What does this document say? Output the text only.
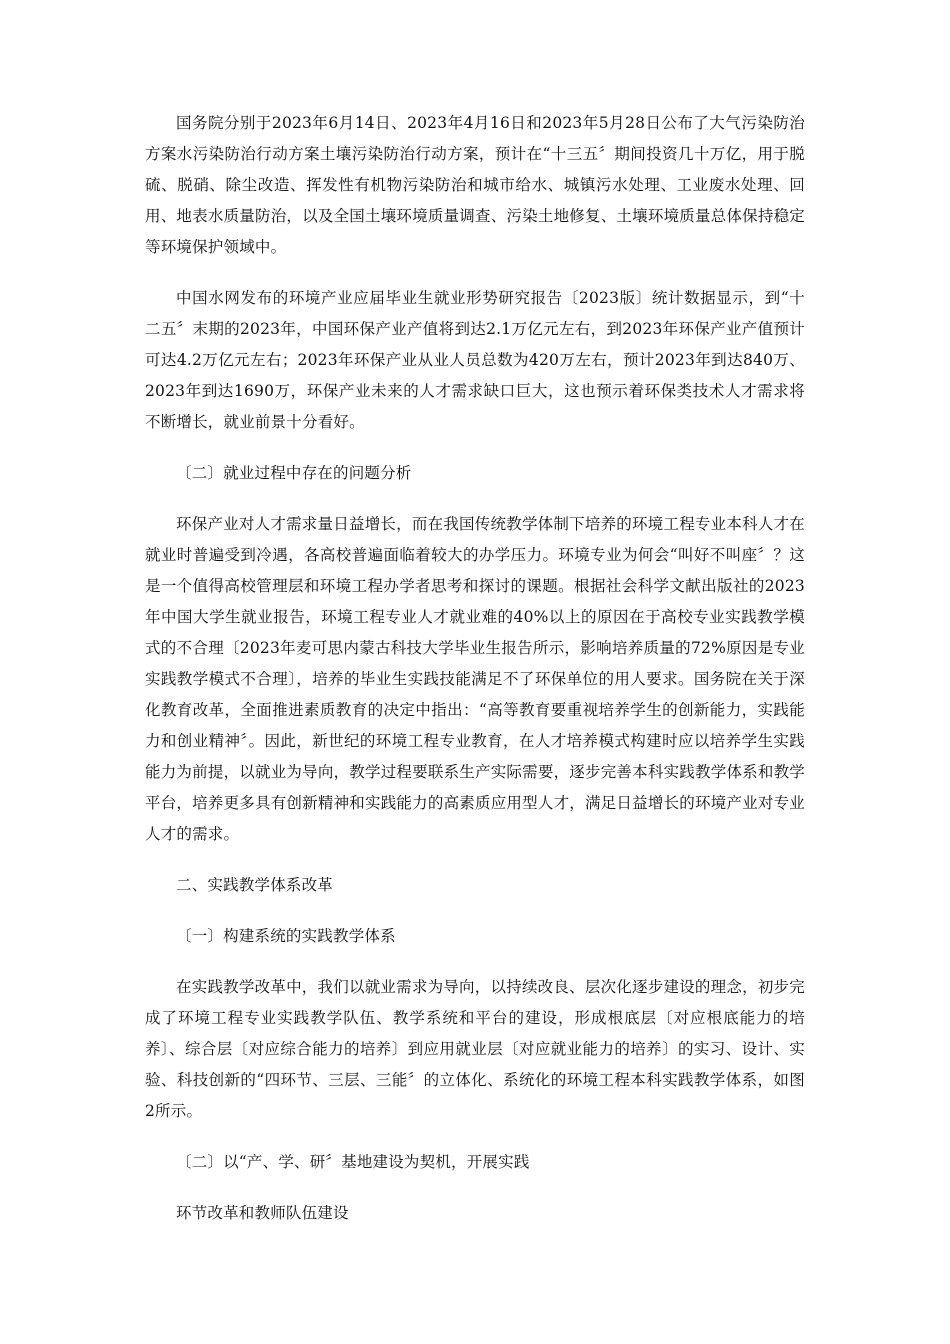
国务院分别于2023年6月14日、2023年4月16日和2023年5月28日公布了大气污染防治方案水污染防治行动方案土壤污染防治行动方案，预计在“十三五〞期间投资几十万亿，用于脱硫、脱硝、除尘改造、挥发性有机物污染防治和城市给水、城镇污水处理、工业废水处理、回用、地表水质量防治，以及全国土壤环境质量调查、污染土地修复、土壤环境质量总体保持稳定等环境保护领域中。

中国水网发布的环境产业应届毕业生就业形势研究报告〔2023版〕统计数据显示，到“十二五〞末期的2023年，中国环保产业产值将到达2.1万亿元左右，到2023年环保产业产值预计可达4.2万亿元左右；2023年环保产业从业人员总数为420万左右，预计2023年到达840万、2023年到达1690万，环保产业未来的人才需求缺口巨大，这也预示着环保类技术人才需求将不断增长，就业前景十分看好。

〔二〕就业过程中存在的问题分析

环保产业对人才需求量日益增长，而在我国传统教学体制下培养的环境工程专业本科人才在就业时普遍受到冷遇，各高校普遍面临着较大的办学压力。环境专业为何会“叫好不叫座〞？这是一个值得高校管理层和环境工程办学者思考和探讨的课题。根据社会科学文献出版社的2023年中国大学生就业报告，环境工程专业人才就业难的40%以上的原因在于高校专业实践教学模式的不合理〔2023年麦可思内蒙古科技大学毕业生报告所示，影响培养质量的72%原因是专业实践教学模式不合理〕，培养的毕业生实践技能满足不了环保单位的用人要求。国务院在关于深化教育改革，全面推进素质教育的决定中指出：“高等教育要重视培养学生的创新能力，实践能力和创业精神〞。因此，新世纪的环境工程专业教育，在人才培养模式构建时应以培养学生实践能力为前提，以就业为导向，教学过程要联系生产实际需要，逐步完善本科实践教学体系和教学平台，培养更多具有创新精神和实践能力的高素质应用型人才，满足日益增长的环境产业对专业人才的需求。

二、实践教学体系改革

〔一〕构建系统的实践教学体系

在实践教学改革中，我们以就业需求为导向，以持续改良、层次化逐步建设的理念，初步完成了环境工程专业实践教学队伍、教学系统和平台的建设，形成根底层〔对应根底能力的培养〕、综合层〔对应综合能力的培养〕到应用就业层〔对应就业能力的培养〕的实习、设计、实验、科技创新的“四环节、三层、三能〞的立体化、系统化的环境工程本科实践教学体系，如图2所示。

〔二〕以“产、学、研〞基地建设为契机，开展实践

环节改革和教师队伍建设
